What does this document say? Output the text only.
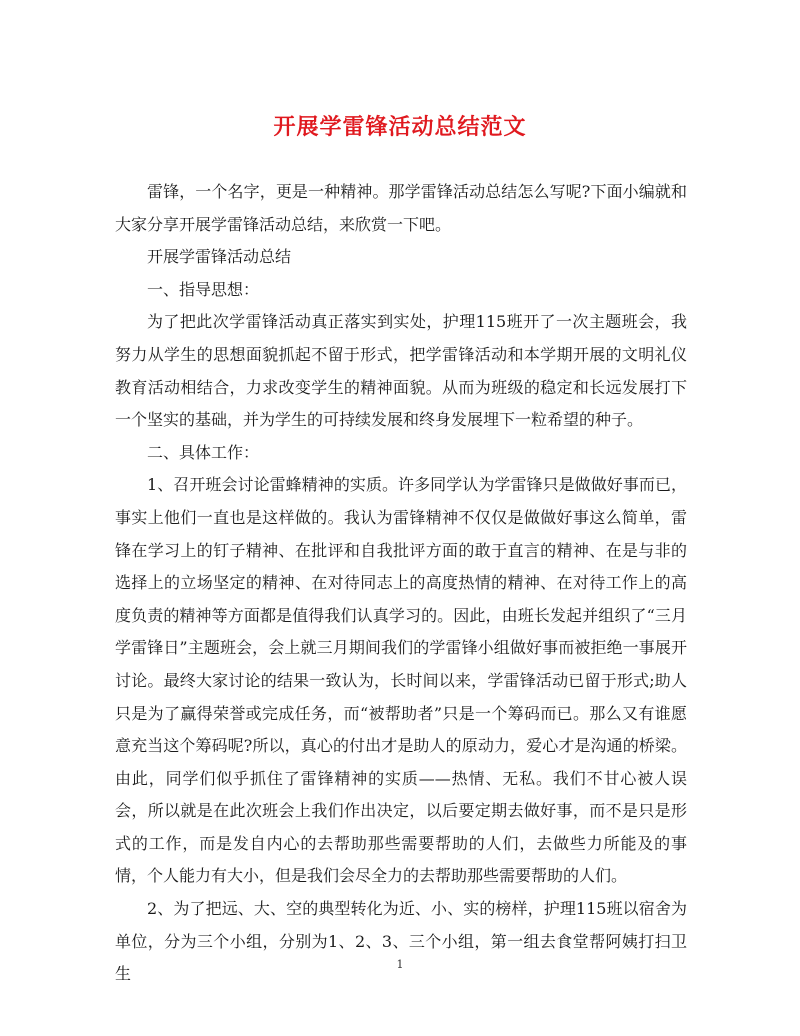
开展学雷锋活动总结范文

雷锋，一个名字，更是一种精神。那学雷锋活动总结怎么写呢?下面小编就和大家分享开展学雷锋活动总结，来欣赏一下吧。

开展学雷锋活动总结

一、指导思想：

为了把此次学雷锋活动真正落实到实处，护理115班开了一次主题班会，我努力从学生的思想面貌抓起不留于形式，把学雷锋活动和本学期开展的文明礼仪教育活动相结合，力求改变学生的精神面貌。从而为班级的稳定和长远发展打下一个坚实的基础，并为学生的可持续发展和终身发展埋下一粒希望的种子。

二、具体工作：

1、召开班会讨论雷蜂精神的实质。许多同学认为学雷锋只是做做好事而已，事实上他们一直也是这样做的。我认为雷锋精神不仅仅是做做好事这么简单，雷锋在学习上的钉子精神、在批评和自我批评方面的敢于直言的精神、在是与非的选择上的立场坚定的精神、在对待同志上的高度热情的精神、在对待工作上的高度负责的精神等方面都是值得我们认真学习的。因此，由班长发起并组织了“三月学雷锋日”主题班会，会上就三月期间我们的学雷锋小组做好事而被拒绝一事展开讨论。最终大家讨论的结果一致认为，长时间以来，学雷锋活动已留于形式;助人只是为了赢得荣誉或完成任务，而“被帮助者”只是一个筹码而已。那么又有谁愿意充当这个筹码呢?所以，真心的付出才是助人的原动力，爱心才是沟通的桥梁。由此，同学们似乎抓住了雷锋精神的实质——热情、无私。我们不甘心被人误会，所以就是在此次班会上我们作出决定，以后要定期去做好事，而不是只是形式的工作，而是发自内心的去帮助那些需要帮助的人们，去做些力所能及的事情，个人能力有大小，但是我们会尽全力的去帮助那些需要帮助的人们。

2、为了把远、大、空的典型转化为近、小、实的榜样，护理115班以宿舍为单位，分为三个小组，分别为1、2、3、三个小组，第一组去食堂帮阿姨打扫卫生	1
